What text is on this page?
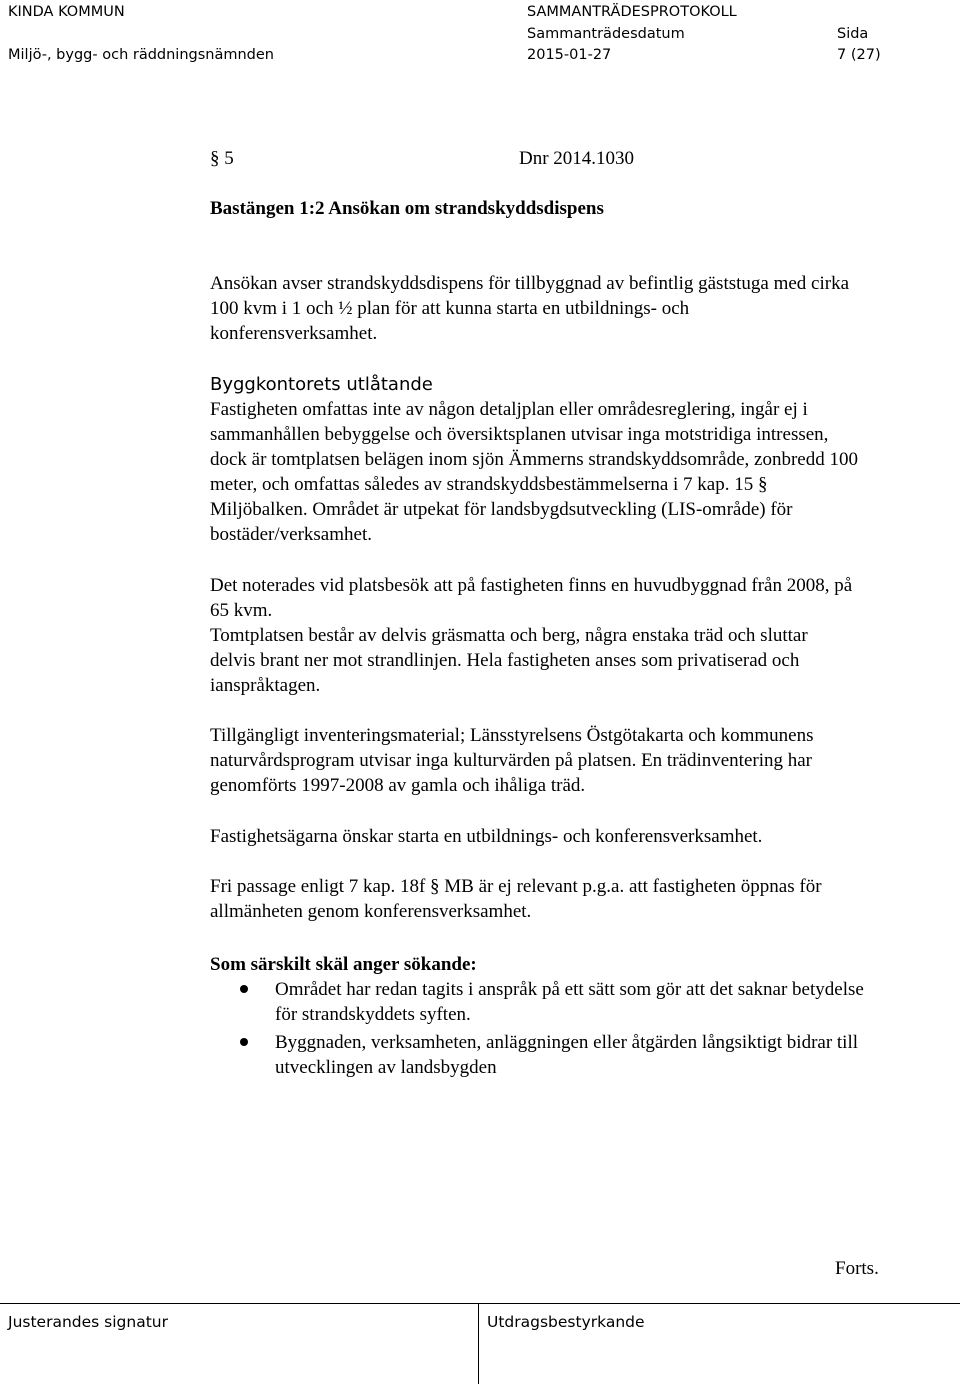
KINDA KOMMUN
Miljö-, bygg- och räddningsnämnden
SAMMANTRÄDESPROTOKOLL
Sammanträdesdatum
2015-01-27
Sida
7 (27)
§ 5	Dnr 2014.1030
Bastängen 1:2 Ansökan om strandskyddsdispens

Ansökan avser strandskyddsdispens för tillbyggnad av befintlig gäststuga med cirka

100 kvm i 1 och ½ plan för att kunna starta en utbildnings- och

konferensverksamhet.

Byggkontorets utlåtande

Fastigheten omfattas inte av någon detaljplan eller områdesreglering, ingår ej i

sammanhållen bebyggelse och översiktsplanen utvisar inga motstridiga intressen,

dock är tomtplatsen belägen inom sjön Ämmerns strandskyddsområde, zonbredd 100

meter, och omfattas således av strandskyddsbestämmelserna i 7 kap. 15 §

Miljöbalken. Området är utpekat för landsbygdsutveckling (LIS-område) för

bostäder/verksamhet.

Det noterades vid platsbesök att på fastigheten finns en huvudbyggnad från 2008, på

65 kvm.

Tomtplatsen består av delvis gräsmatta och berg, några enstaka träd och sluttar

delvis brant ner mot strandlinjen. Hela fastigheten anses som privatiserad och

ianspråktagen.

Tillgängligt inventeringsmaterial; Länsstyrelsens Östgötakarta och kommunens

naturvårdsprogram utvisar inga kulturvärden på platsen. En trädinventering har

genomförts 1997-2008 av gamla och ihåliga träd.

Fastighetsägarna önskar starta en utbildnings- och konferensverksamhet.

Fri passage enligt 7 kap. 18f § MB är ej relevant p.g.a. att fastigheten öppnas för

allmänheten genom konferensverksamhet.

Som särskilt skäl anger sökande:

Området har redan tagits i anspråk på ett sätt som gör att det saknar betydelse

för strandskyddets syften.

Byggnaden, verksamheten, anläggningen eller åtgärden långsiktigt bidrar till

utvecklingen av landsbygden

Forts.
Justerandes signatur	Utdragsbestyrkande
